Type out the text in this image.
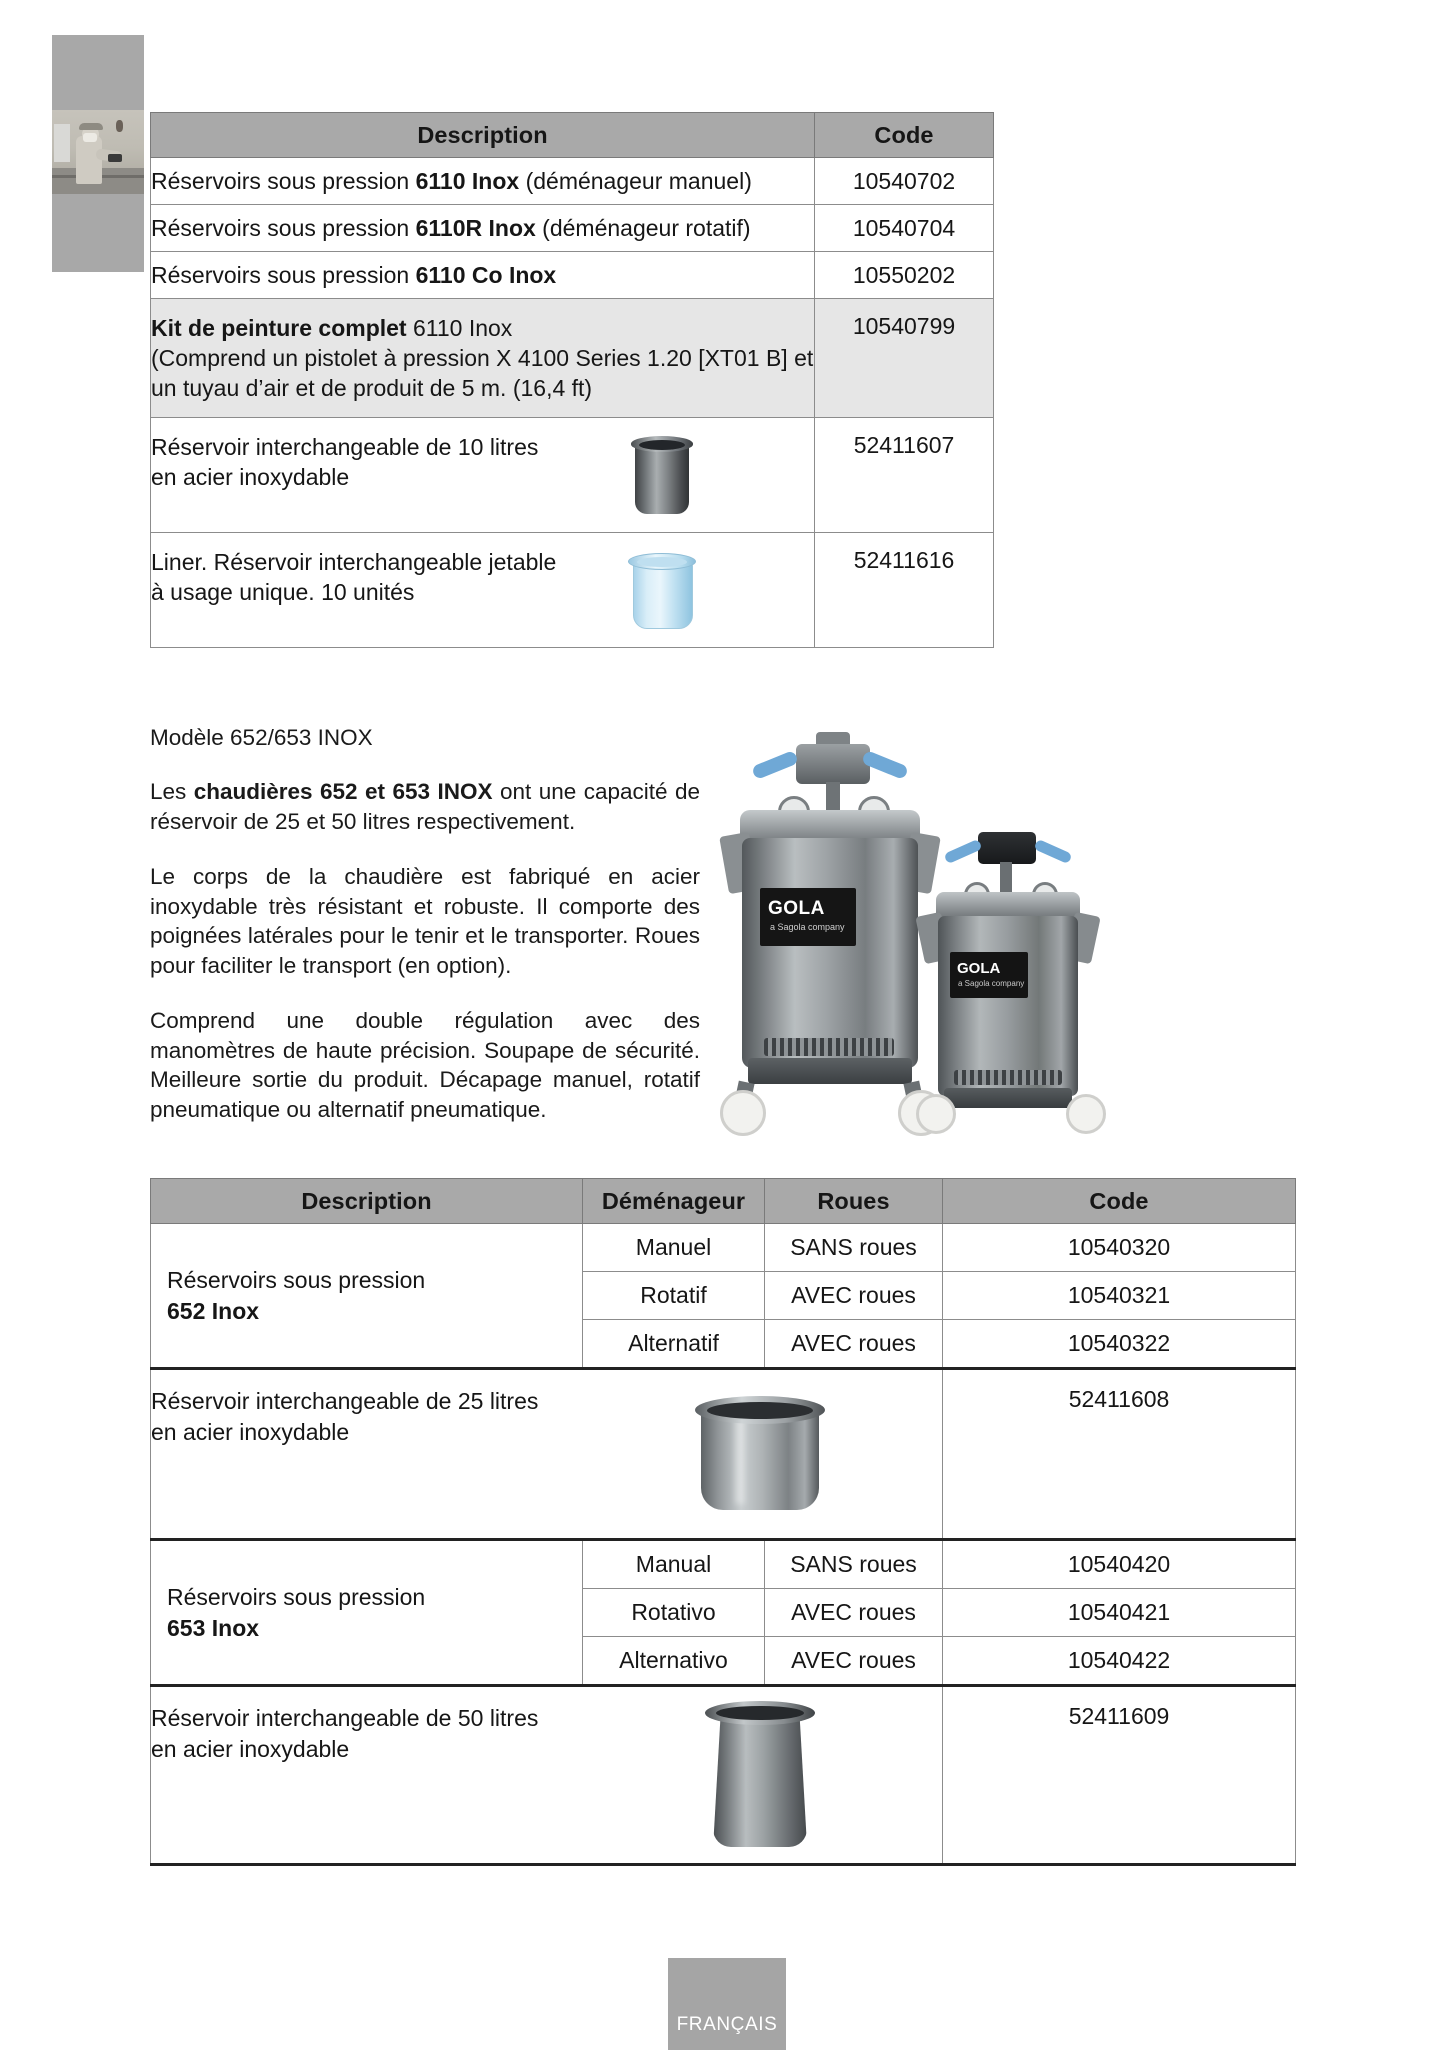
Description	Code
Réservoirs sous pression 6110 Inox (déménageur manuel)	10540702
Réservoirs sous pression 6110R Inox (déménageur rotatif)	10540704
Réservoirs sous pression 6110 Co Inox	10550202

Kit de peinture complet 6110 Inox
(Comprend un pistolet à pression X 4100 Series 1.20 [XT01 B] et
un tuyau d’air et de produit de 5 m. (16,4 ft)	10540799

Réservoir interchangeable de 10 litres
en acier inoxydable	52411607

Liner. Réservoir interchangeable jetable
à usage unique. 10 unités	52411616
Modèle 652/653 INOX

Les chaudières 652 et 653 INOX ont une capacité de réservoir de 25 et 50 litres respectivement.

Le corps de la chaudière est fabriqué en acier inoxydable très résistant et robuste. Il comporte des poignées latérales pour le tenir et le transporter. Roues pour faciliter le transport (en option).

Comprend une double régulation avec des manomètres de haute précision. Soupape de sécurité. Meilleure sortie du produit. Décapage manuel, rotatif pneumatique ou alternatif pneumatique.

GOLA
a Sagola company
GOLA
a Sagola company
Description	Déménageur	Roues	Code

Réservoirs sous pression
652 Inox	Manuel	SANS roues	10540320
	Rotatif	AVEC roues	10540321
	Alternatif	AVEC roues	10540322

Réservoir interchangeable de 25 litres
en acier inoxydable			52411608

Réservoirs sous pression
653 Inox	Manual	SANS roues	10540420
	Rotativo	AVEC roues	10540421
	Alternativo	AVEC roues	10540422

Réservoir interchangeable de 50 litres
en acier inoxydable			52411609
FRANÇAIS
